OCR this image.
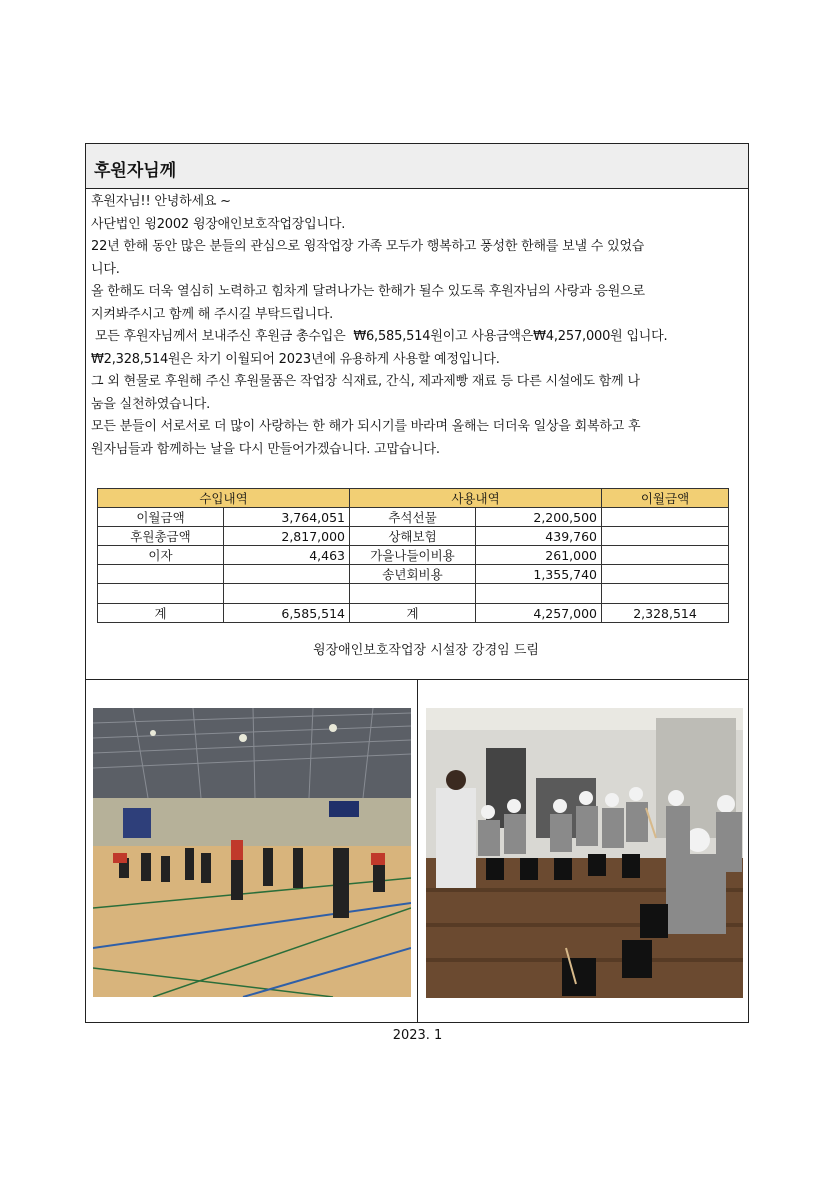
후원자님께

후원자님!! 안녕하세요 ~

사단법인 윙2002 윙장애인보호작업장입니다.

22년 한해 동안 많은 분들의 관심으로 윙작업장 가족 모두가 행복하고 풍성한 한해를 보낼 수 있었습

니다.

올 한해도 더욱 열심히 노력하고 힘차게 달려나가는 한해가 될수 있도록 후원자님의 사랑과 응원으로

지켜봐주시고 함께 해 주시길 부탁드립니다.

모든 후원자님께서 보내주신 후원금 총수입은  ₩6,585,514원이고 사용금액은₩4,257,000원 입니다.

₩2,328,514원은 차기 이월되어 2023년에 유용하게 사용할 예정입니다.

그 외 현물로 후원해 주신 후원물품은 작업장 식재료, 간식, 제과제빵 재료 등 다른 시설에도 함께 나

눔을 실천하였습니다.

모든 분들이 서로서로 더 많이 사랑하는 한 해가 되시기를 바라며 올해는 더더욱 일상을 회복하고 후

원자님들과 함께하는 날을 다시 만들어가겠습니다. 고맙습니다.

수입내역		사용내역		이월금액
이월금액	3,764,051	추석선물	2,200,500	
후원총금액	2,817,000	상해보험	439,760	
이자	4,463	가을나들이비용	261,000	
		송년회비용	1,355,740	

계	6,585,514	계	4,257,000	2,328,514
윙장애인보호작업장 시설장 강경임 드림
2023. 1
